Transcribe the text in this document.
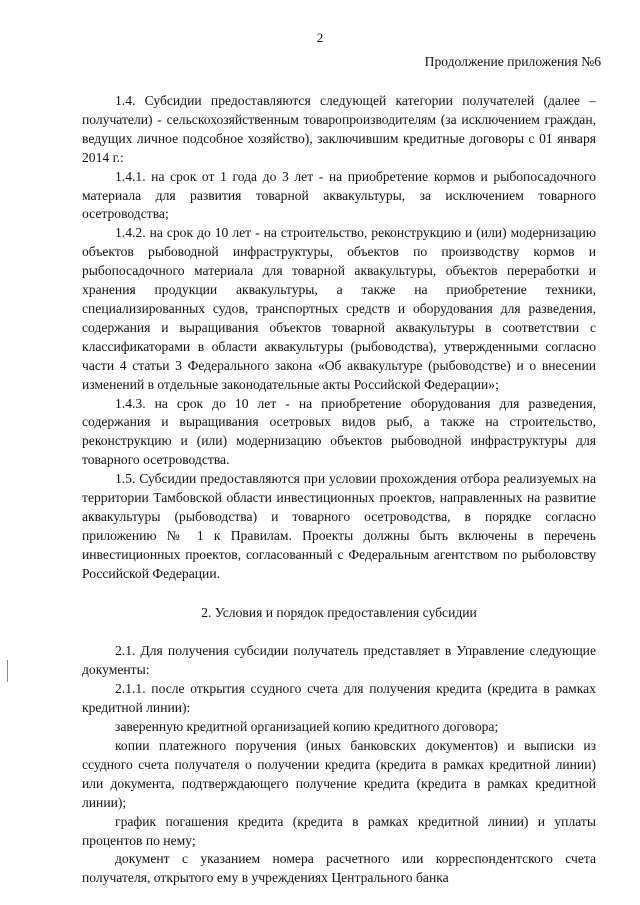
2
Продолжение приложения №6

1.4. Субсидии предоставляются следующей категории получателей (далее – получатели) - сельскохозяйственным товаропроизводителям (за исключением граждан, ведущих личное подсобное хозяйство), заключившим кредитные договоры с 01 января 2014 г.:

1.4.1. на срок от 1 года до 3 лет - на приобретение кормов и рыбопосадочного материала для развития товарной аквакультуры, за исключением товарного осетроводства;

1.4.2. на срок до 10 лет - на строительство, реконструкцию и (или) модернизацию объектов рыбоводной инфраструктуры, объектов по производству кормов и рыбопосадочного материала для товарной аквакультуры, объектов переработки и хранения продукции аквакультуры, а также на приобретение техники, специализированных судов, транспортных средств и оборудования для разведения, содержания и выращивания объектов товарной аквакультуры в соответствии с классификаторами в области аквакультуры (рыбоводства), утвержденными согласно части 4 статьи 3 Федерального закона «Об аквакультуре (рыбоводстве) и о внесении изменений в отдельные законодательные акты Российской Федерации»;

1.4.3. на срок до 10 лет - на приобретение оборудования для разведения, содержания и выращивания осетровых видов рыб, а также на строительство, реконструкцию и (или) модернизацию объектов рыбоводной инфраструктуры для товарного осетроводства.

1.5. Субсидии предоставляются при условии прохождения отбора реализуемых на территории Тамбовской области инвестиционных проектов, направленных на развитие аквакультуры (рыбоводства) и товарного осетроводства, в порядке согласно приложению № 1 к Правилам. Проекты должны быть включены в перечень инвестиционных проектов, согласованный с Федеральным агентством по рыболовству Российской Федерации.

2. Условия и порядок предоставления субсидии

2.1. Для получения субсидии получатель представляет в Управление следующие документы:

2.1.1. после открытия ссудного счета для получения кредита (кредита в рамках кредитной линии):

заверенную кредитной организацией копию кредитного договора;

копии платежного поручения (иных банковских документов) и выписки из ссудного счета получателя о получении кредита (кредита в рамках кредитной линии) или документа, подтверждающего получение кредита (кредита в рамках кредитной линии);

график погашения кредита (кредита в рамках кредитной линии) и уплаты процентов по нему;

документ с указанием номера расчетного или корреспондентского счета получателя, открытого ему в учреждениях Центрального банка
